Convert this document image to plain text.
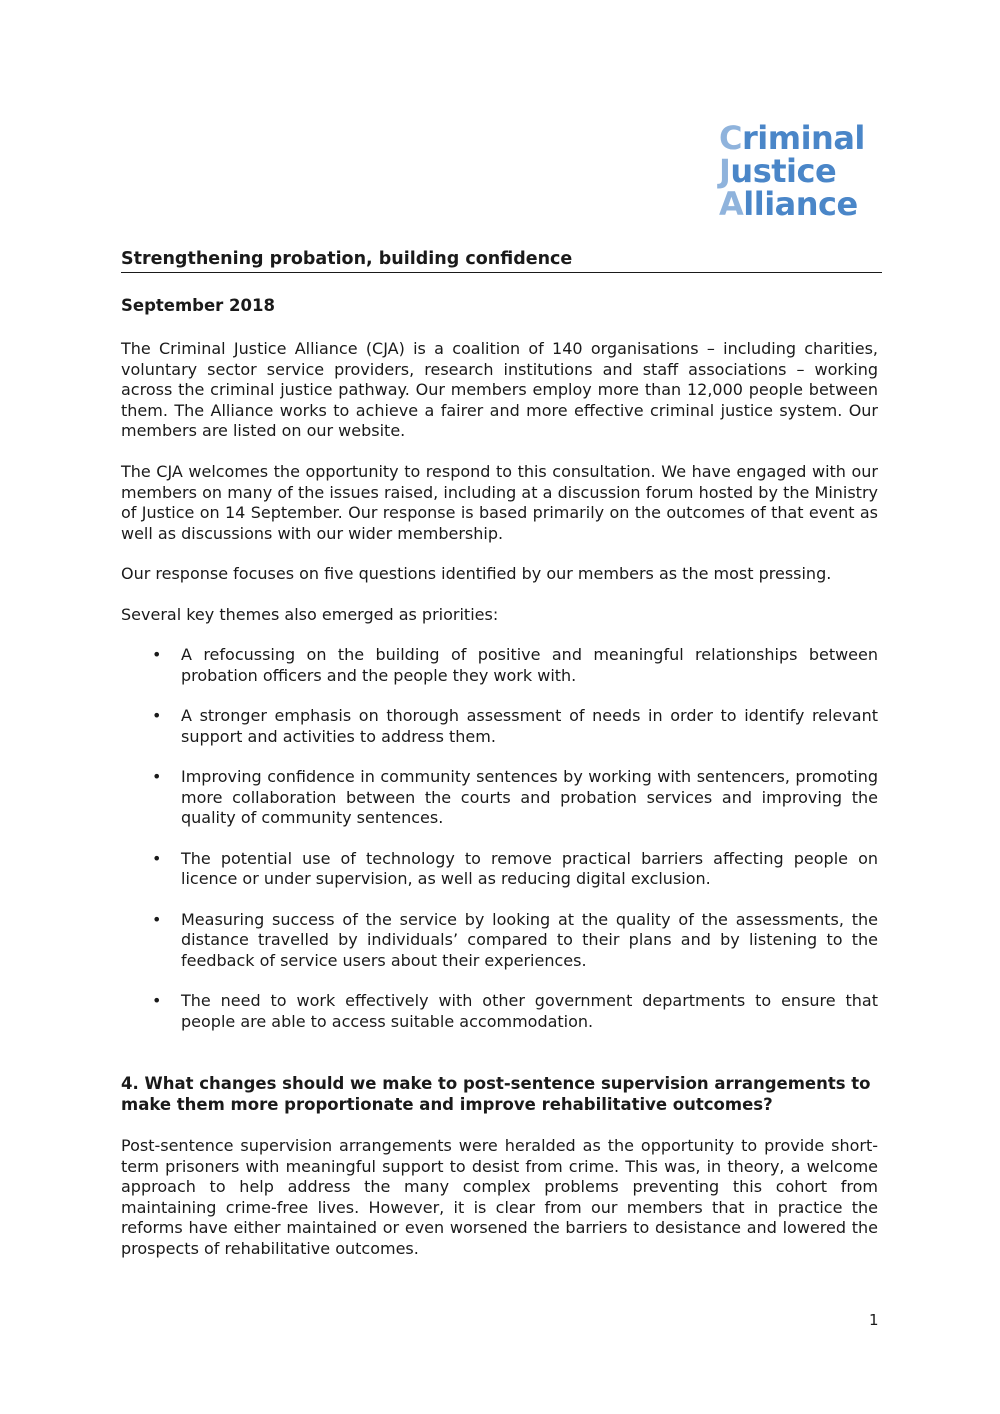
Criminal
Justice
Alliance
Strengthening probation, building confidence
September 2018

The Criminal Justice Alliance (CJA) is a coalition of 140 organisations – including charities, voluntary sector service providers, research institutions and staff associations – working across the criminal justice pathway. Our members employ more than 12,000 people between them. The Alliance works to achieve a fairer and more effective criminal justice system. Our members are listed on our website.

The CJA welcomes the opportunity to respond to this consultation. We have engaged with our members on many of the issues raised, including at a discussion forum hosted by the Ministry of Justice on 14 September. Our response is based primarily on the outcomes of that event as well as discussions with our wider membership.

Our response focuses on five questions identified by our members as the most pressing.

Several key themes also emerged as priorities:

• A refocussing on the building of positive and meaningful relationships between probation officers and the people they work with.
• A stronger emphasis on thorough assessment of needs in order to identify relevant support and activities to address them.
• Improving confidence in community sentences by working with sentencers, promoting more collaboration between the courts and probation services and improving the quality of community sentences.
• The potential use of technology to remove practical barriers affecting people on licence or under supervision, as well as reducing digital exclusion.
• Measuring success of the service by looking at the quality of the assessments, the distance travelled by individuals’ compared to their plans and by listening to the feedback of service users about their experiences.
• The need to work effectively with other government departments to ensure that people are able to access suitable accommodation.
4. What changes should we make to post-sentence supervision arrangements to make them more proportionate and improve rehabilitative outcomes?

Post-sentence supervision arrangements were heralded as the opportunity to provide short-term prisoners with meaningful support to desist from crime. This was, in theory, a welcome approach to help address the many complex problems preventing this cohort from maintaining crime-free lives. However, it is clear from our members that in practice the reforms have either maintained or even worsened the barriers to desistance and lowered the prospects of rehabilitative outcomes.

1
